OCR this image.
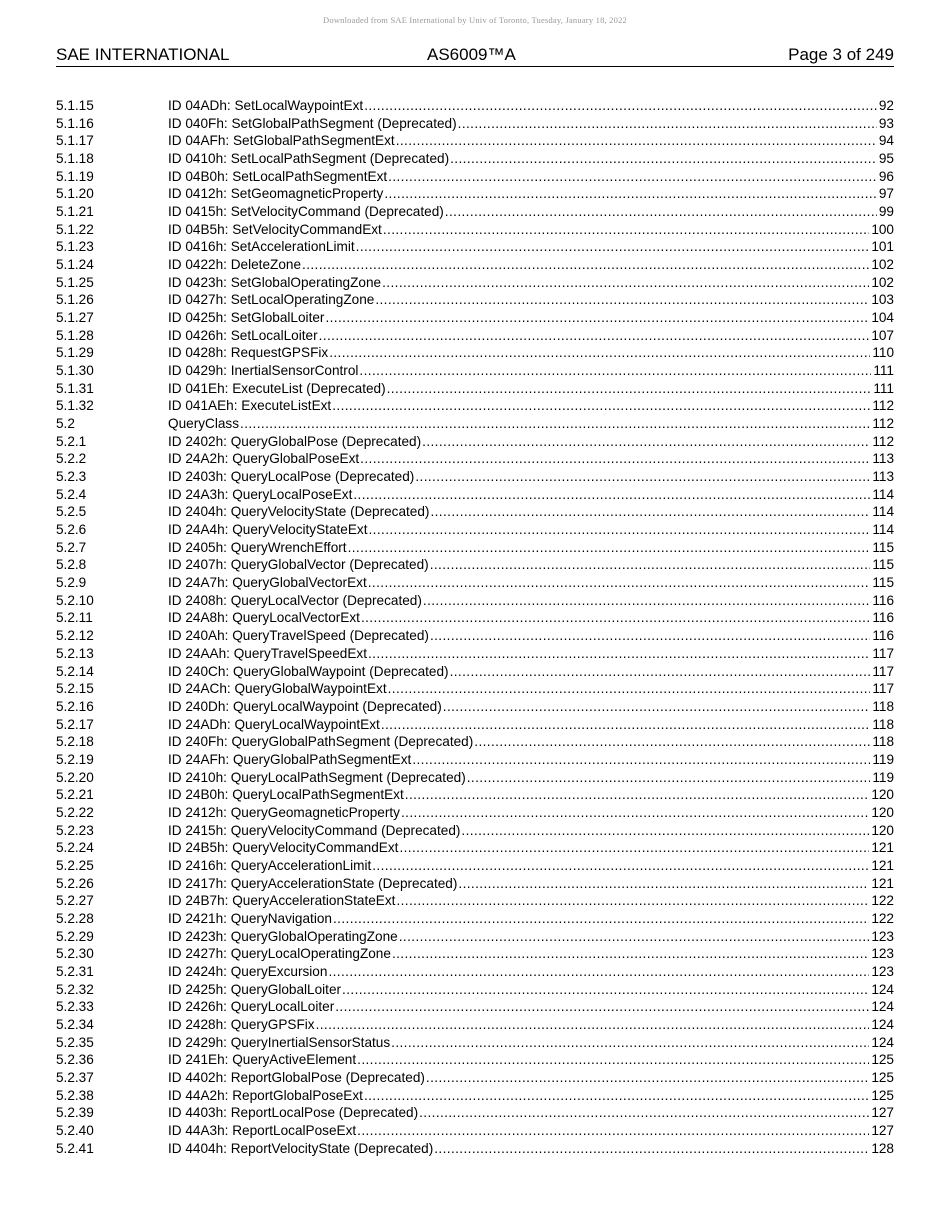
Downloaded from SAE International by Univ of Toronto, Tuesday, January 18, 2022
SAE INTERNATIONAL	AS6009™A	Page 3 of 249
5.1.15	ID 04ADh: SetLocalWaypointExt .....	92
5.1.16	ID 040Fh: SetGlobalPathSegment (Deprecated) .....	93
5.1.17	ID 04AFh: SetGlobalPathSegmentExt .....	94
5.1.18	ID 0410h: SetLocalPathSegment (Deprecated) .....	95
5.1.19	ID 04B0h: SetLocalPathSegmentExt .....	96
5.1.20	ID 0412h: SetGeomagneticProperty .....	97
5.1.21	ID 0415h: SetVelocityCommand (Deprecated) .....	99
5.1.22	ID 04B5h: SetVelocityCommandExt .....	100
5.1.23	ID 0416h: SetAccelerationLimit .....	101
5.1.24	ID 0422h: DeleteZone .....	102
5.1.25	ID 0423h: SetGlobalOperatingZone .....	102
5.1.26	ID 0427h: SetLocalOperatingZone .....	103
5.1.27	ID 0425h: SetGlobalLoiter .....	104
5.1.28	ID 0426h: SetLocalLoiter .....	107
5.1.29	ID 0428h: RequestGPSFix .....	110
5.1.30	ID 0429h: InertialSensorControl .....	111
5.1.31	ID 041Eh: ExecuteList (Deprecated) .....	111
5.1.32	ID 041AEh: ExecuteListExt .....	112
5.2	QueryClass .....	112
5.2.1	ID 2402h: QueryGlobalPose (Deprecated) .....	112
5.2.2	ID 24A2h: QueryGlobalPoseExt .....	113
5.2.3	ID 2403h: QueryLocalPose (Deprecated) .....	113
5.2.4	ID 24A3h: QueryLocalPoseExt .....	114
5.2.5	ID 2404h: QueryVelocityState (Deprecated) .....	114
5.2.6	ID 24A4h: QueryVelocityStateExt .....	114
5.2.7	ID 2405h: QueryWrenchEffort .....	115
5.2.8	ID 2407h: QueryGlobalVector (Deprecated) .....	115
5.2.9	ID 24A7h: QueryGlobalVectorExt .....	115
5.2.10	ID 2408h: QueryLocalVector (Deprecated) .....	116
5.2.11	ID 24A8h: QueryLocalVectorExt .....	116
5.2.12	ID 240Ah: QueryTravelSpeed (Deprecated) .....	116
5.2.13	ID 24AAh: QueryTravelSpeedExt .....	117
5.2.14	ID 240Ch: QueryGlobalWaypoint (Deprecated) .....	117
5.2.15	ID 24ACh: QueryGlobalWaypointExt .....	117
5.2.16	ID 240Dh: QueryLocalWaypoint (Deprecated) .....	118
5.2.17	ID 24ADh: QueryLocalWaypointExt .....	118
5.2.18	ID 240Fh: QueryGlobalPathSegment (Deprecated) .....	118
5.2.19	ID 24AFh: QueryGlobalPathSegmentExt .....	119
5.2.20	ID 2410h: QueryLocalPathSegment (Deprecated) .....	119
5.2.21	ID 24B0h: QueryLocalPathSegmentExt .....	120
5.2.22	ID 2412h: QueryGeomagneticProperty .....	120
5.2.23	ID 2415h: QueryVelocityCommand (Deprecated) .....	120
5.2.24	ID 24B5h: QueryVelocityCommandExt .....	121
5.2.25	ID 2416h: QueryAccelerationLimit .....	121
5.2.26	ID 2417h: QueryAccelerationState (Deprecated) .....	121
5.2.27	ID 24B7h: QueryAccelerationStateExt .....	122
5.2.28	ID 2421h: QueryNavigation .....	122
5.2.29	ID 2423h: QueryGlobalOperatingZone .....	123
5.2.30	ID 2427h: QueryLocalOperatingZone .....	123
5.2.31	ID 2424h: QueryExcursion .....	123
5.2.32	ID 2425h: QueryGlobalLoiter .....	124
5.2.33	ID 2426h: QueryLocalLoiter .....	124
5.2.34	ID 2428h: QueryGPSFix .....	124
5.2.35	ID 2429h: QueryInertialSensorStatus .....	124
5.2.36	ID 241Eh: QueryActiveElement .....	125
5.2.37	ID 4402h: ReportGlobalPose (Deprecated) .....	125
5.2.38	ID 44A2h: ReportGlobalPoseExt .....	125
5.2.39	ID 4403h: ReportLocalPose (Deprecated) .....	127
5.2.40	ID 44A3h: ReportLocalPoseExt .....	127
5.2.41	ID 4404h: ReportVelocityState (Deprecated) .....	128
